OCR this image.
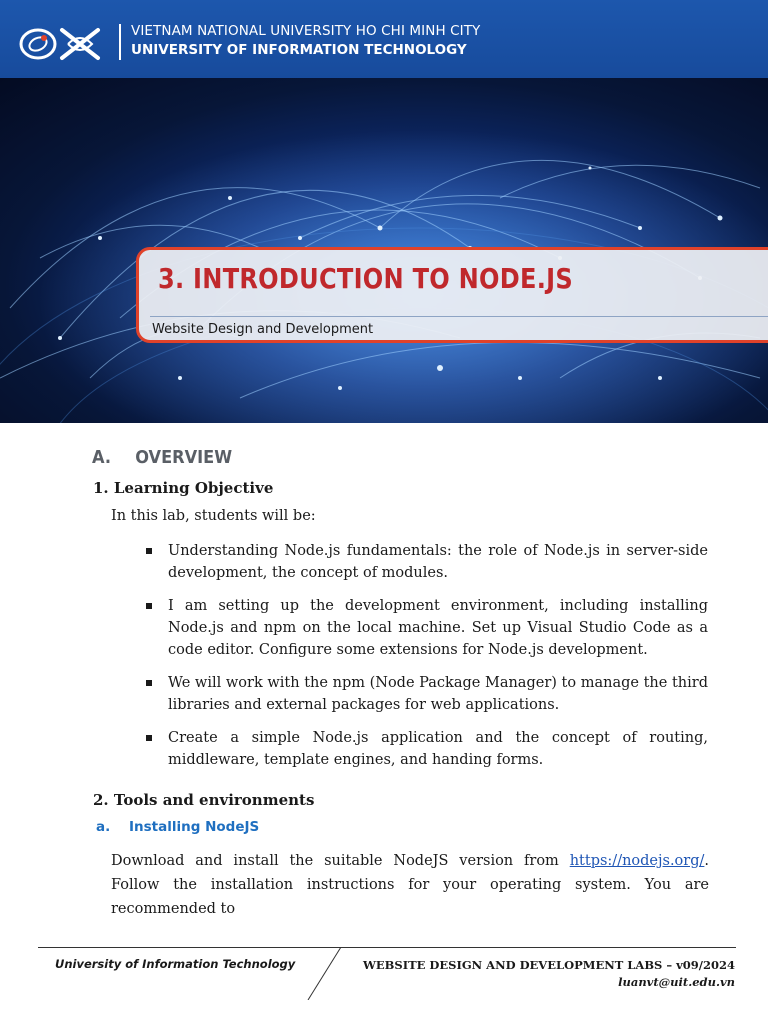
VIETNAM NATIONAL UNIVERSITY HO CHI MINH CITY
UNIVERSITY OF INFORMATION TECHNOLOGY
3. INTRODUCTION TO NODE.JS
Website Design and Development
A. OVERVIEW
1. Learning Objective
In this lab, students will be:
Understanding Node.js fundamentals: the role of Node.js in server-side development, the concept of modules.
I am setting up the development environment, including installing Node.js and npm on the local machine. Set up Visual Studio Code as a code editor. Configure some extensions for Node.js development.
We will work with the npm (Node Package Manager) to manage the third libraries and external packages for web applications.
Create a simple Node.js application and the concept of routing, middleware, template engines, and handing forms.
2. Tools and environments
a. Installing NodeJS
Download and install the suitable NodeJS version from https://nodejs.org/. Follow the installation instructions for your operating system. You are recommended to
University of Information Technology	WEBSITE DESIGN AND DEVELOPMENT LABS – v09/2024
luanvt@uit.edu.vn
